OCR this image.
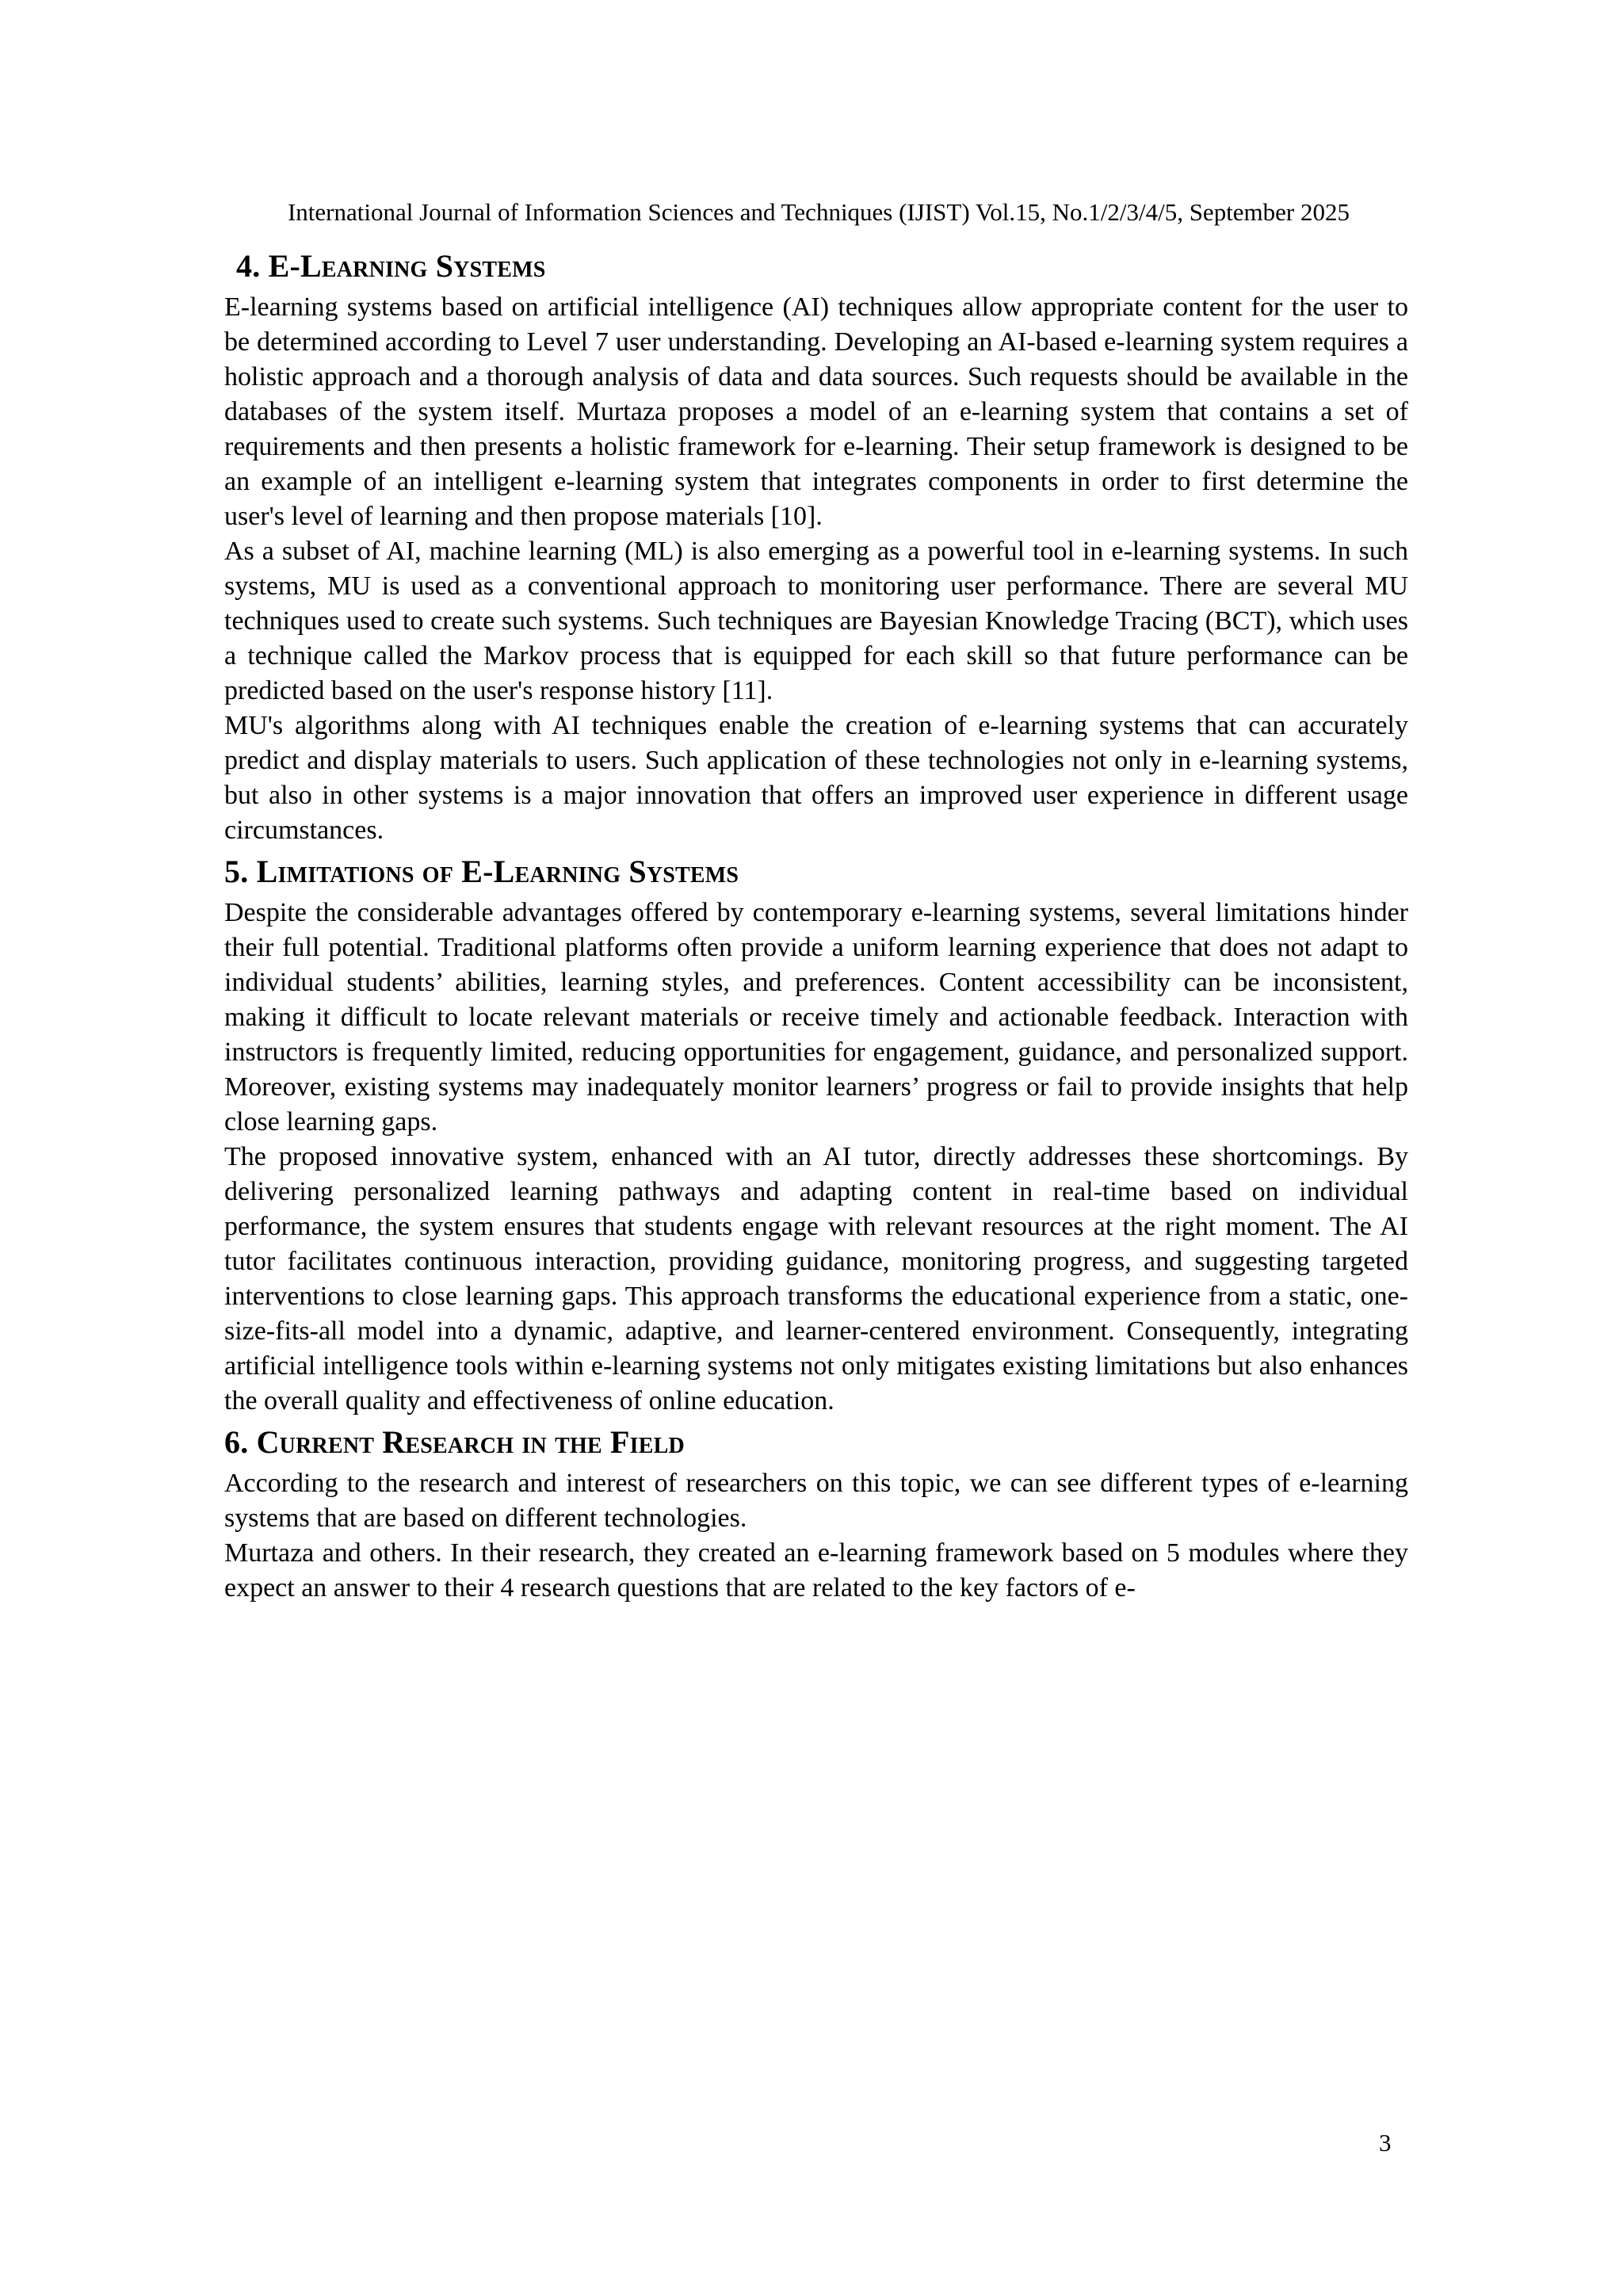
International Journal of Information Sciences and Techniques (IJIST) Vol.15, No.1/2/3/4/5, September 2025
4. E-Learning Systems

E-learning systems based on artificial intelligence (AI) techniques allow appropriate content for the user to be determined according to Level 7 user understanding. Developing an AI-based e-learning system requires a holistic approach and a thorough analysis of data and data sources. Such requests should be available in the databases of the system itself. Murtaza proposes a model of an e-learning system that contains a set of requirements and then presents a holistic framework for e-learning. Their setup framework is designed to be an example of an intelligent e-learning system that integrates components in order to first determine the user's level of learning and then propose materials [10].

As a subset of AI, machine learning (ML) is also emerging as a powerful tool in e-learning systems. In such systems, MU is used as a conventional approach to monitoring user performance. There are several MU techniques used to create such systems. Such techniques are Bayesian Knowledge Tracing (BCT), which uses a technique called the Markov process that is equipped for each skill so that future performance can be predicted based on the user's response history [11].

MU's algorithms along with AI techniques enable the creation of e-learning systems that can accurately predict and display materials to users. Such application of these technologies not only in e-learning systems, but also in other systems is a major innovation that offers an improved user experience in different usage circumstances.

5. Limitations of E-Learning Systems

Despite the considerable advantages offered by contemporary e-learning systems, several limitations hinder their full potential. Traditional platforms often provide a uniform learning experience that does not adapt to individual students’ abilities, learning styles, and preferences. Content accessibility can be inconsistent, making it difficult to locate relevant materials or receive timely and actionable feedback. Interaction with instructors is frequently limited, reducing opportunities for engagement, guidance, and personalized support. Moreover, existing systems may inadequately monitor learners’ progress or fail to provide insights that help close learning gaps.

The proposed innovative system, enhanced with an AI tutor, directly addresses these shortcomings. By delivering personalized learning pathways and adapting content in real-time based on individual performance, the system ensures that students engage with relevant resources at the right moment. The AI tutor facilitates continuous interaction, providing guidance, monitoring progress, and suggesting targeted interventions to close learning gaps. This approach transforms the educational experience from a static, one-size-fits-all model into a dynamic, adaptive, and learner-centered environment. Consequently, integrating artificial intelligence tools within e-learning systems not only mitigates existing limitations but also enhances the overall quality and effectiveness of online education.

6. Current Research in the Field

According to the research and interest of researchers on this topic, we can see different types of e-learning systems that are based on different technologies.

Murtaza and others. In their research, they created an e-learning framework based on 5 modules where they expect an answer to their 4 research questions that are related to the key factors of e-

3
